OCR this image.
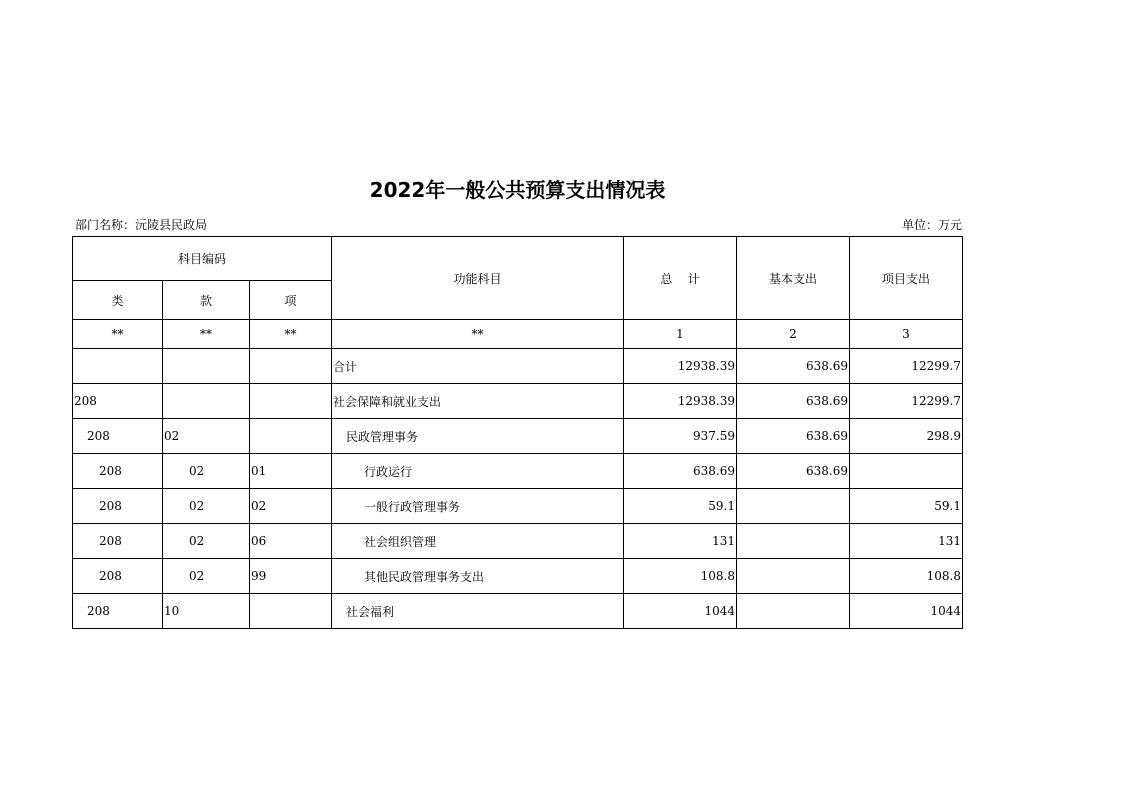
2022年一般公共预算支出情况表
部门名称：沅陵县民政局	单位：万元
科目编码			功能科目	总    计	基本支出	项目支出
类	款	项				
**	**	**	**	1	2	3
			合计	12938.39	638.69	12299.7
208			社会保障和就业支出	12938.39	638.69	12299.7
208	02		民政管理事务	937.59	638.69	298.9
208	02	01	行政运行	638.69	638.69	
208	02	02	一般行政管理事务	59.1		59.1
208	02	06	社会组织管理	131		131
208	02	99	其他民政管理事务支出	108.8		108.8
208	10		社会福利	1044		1044
